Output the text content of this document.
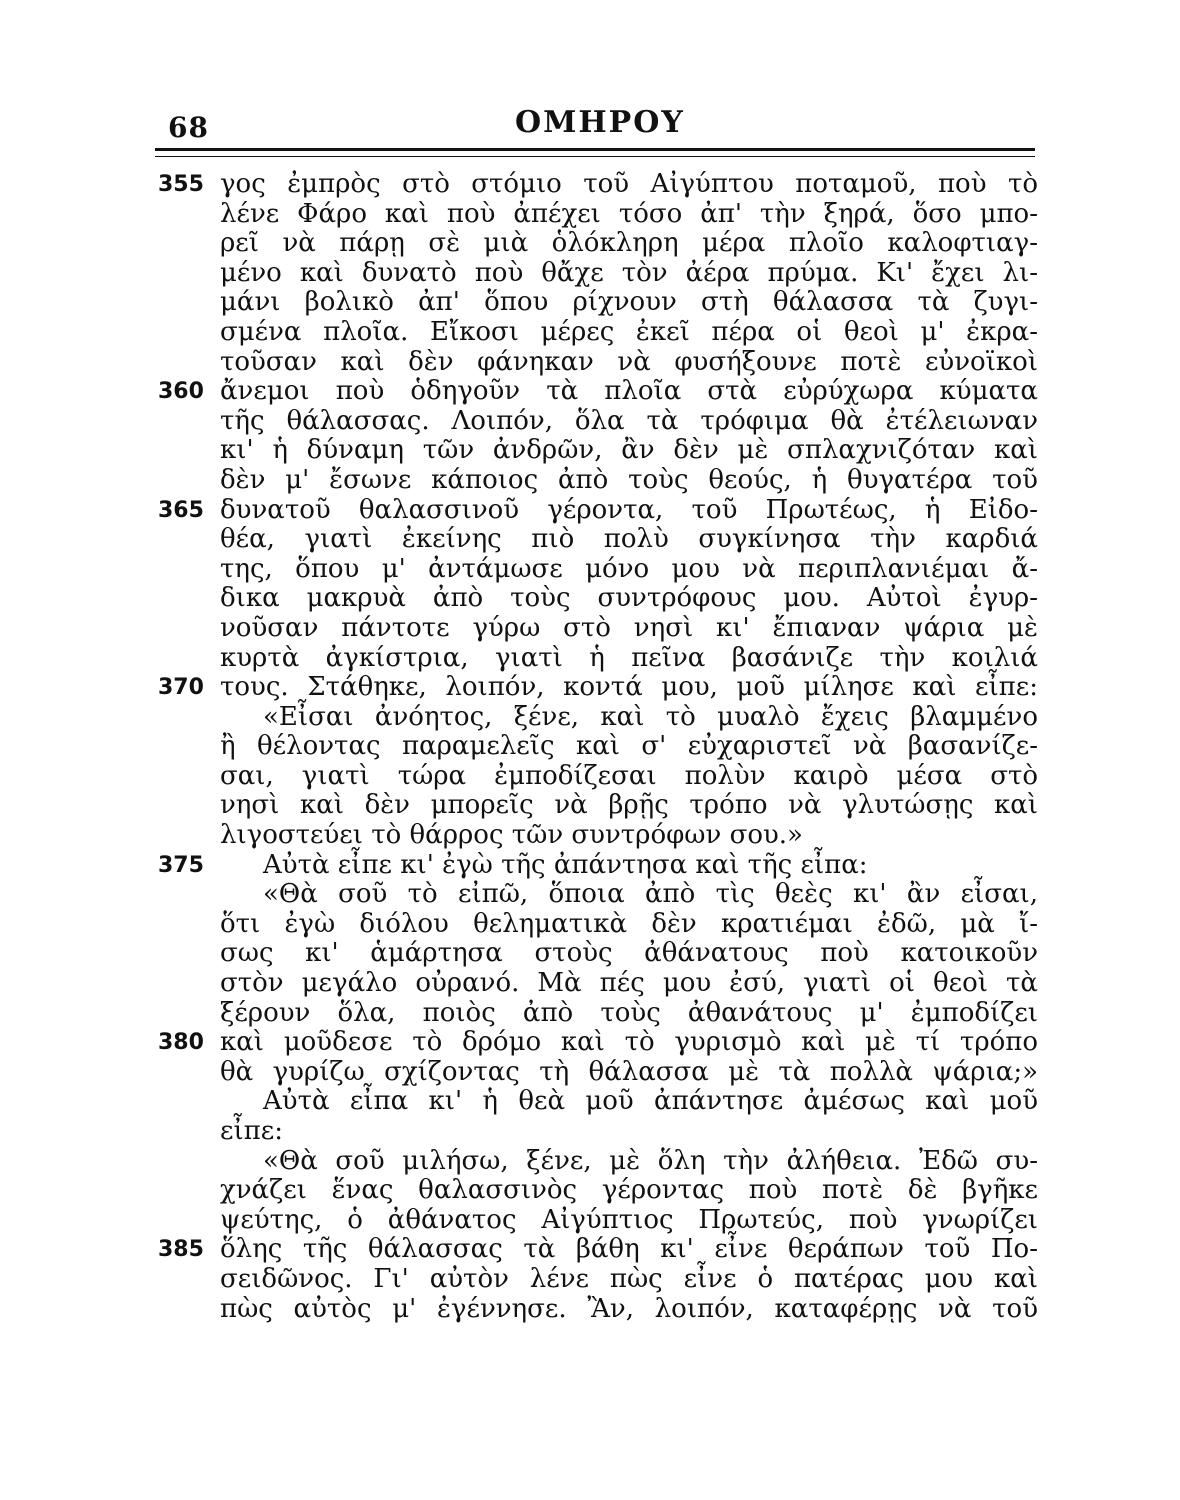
68	ΟΜΗΡΟΥ
355 γος ἐμπρὸς στὸ στόμιο τοῦ Αἰγύπτου ποταμοῦ, ποὺ τὸ
λένε Φάρο καὶ ποὺ ἀπέχει τόσο ἀπ' τὴν ξηρά, ὅσο μπο-
ρεῖ νὰ πάρῃ σὲ μιὰ ὁλόκληρη μέρα πλοῖο καλοφτιαγ-
μένο καὶ δυνατὸ ποὺ θἄχε τὸν ἀέρα πρύμα. Κι' ἔχει λι-
μάνι βολικὸ ἀπ' ὅπου ρίχνουν στὴ θάλασσα τὰ ζυγι-
σμένα πλοῖα. Εἴκοσι μέρες ἐκεῖ πέρα οἱ θεοὶ μ' ἐκρα-
τοῦσαν καὶ δὲν φάνηκαν νὰ φυσήξουνε ποτὲ εὐνοϊκοὶ
360 ἄνεμοι ποὺ ὁδηγοῦν τὰ πλοῖα στὰ εὐρύχωρα κύματα
τῆς θάλασσας. Λοιπόν, ὅλα τὰ τρόφιμα θὰ ἐτέλειωναν
κι' ἡ δύναμη τῶν ἀνδρῶν, ἂν δὲν μὲ σπλαχνιζόταν καὶ
δὲν μ' ἔσωνε κάποιος ἀπὸ τοὺς θεούς, ἡ θυγατέρα τοῦ
365 δυνατοῦ θαλασσινοῦ γέροντα, τοῦ Πρωτέως, ἡ Εἰδο-
θέα, γιατὶ ἐκείνης πιὸ πολὺ συγκίνησα τὴν καρδιά
της, ὅπου μ' ἀντάμωσε μόνο μου νὰ περιπλανιέμαι ἄ-
δικα μακρυὰ ἀπὸ τοὺς συντρόφους μου. Αὐτοὶ ἐγυρ-
νοῦσαν πάντοτε γύρω στὸ νησὶ κι' ἔπιαναν ψάρια μὲ
κυρτὰ ἀγκίστρια, γιατὶ ἡ πεῖνα βασάνιζε τὴν κοιλιά
370 τους. Στάθηκε, λοιπόν, κοντά μου, μοῦ μίλησε καὶ εἶπε:
«Εἶσαι ἀνόητος, ξένε, καὶ τὸ μυαλὸ ἔχεις βλαμμένο
ἢ θέλοντας παραμελεῖς καὶ σ' εὐχαριστεῖ νὰ βασανίζε-
σαι, γιατὶ τώρα ἐμποδίζεσαι πολὺν καιρὸ μέσα στὸ
νησὶ καὶ δὲν μπορεῖς νὰ βρῇς τρόπο νὰ γλυτώσῃς καὶ
λιγοστεύει τὸ θάρρος τῶν συντρόφων σου.»
375	Αὐτὰ εἶπε κι' ἐγὼ τῆς ἀπάντησα καὶ τῆς εἶπα:
«Θὰ σοῦ τὸ εἰπῶ, ὅποια ἀπὸ τὶς θεὲς κι' ἂν εἶσαι,
ὅτι ἐγὼ διόλου θεληματικὰ δὲν κρατιέμαι ἐδῶ, μὰ ἴ-
σως κι' ἁμάρτησα στοὺς ἀθάνατους ποὺ κατοικοῦν
στὸν μεγάλο οὐρανό. Μὰ πές μου ἐσύ, γιατὶ οἱ θεοὶ τὰ
ξέρουν ὅλα, ποιὸς ἀπὸ τοὺς ἀθανάτους μ' ἐμποδίζει
380 καὶ μοῦδεσε τὸ δρόμο καὶ τὸ γυρισμὸ καὶ μὲ τί τρόπο
θὰ γυρίζω σχίζοντας τὴ θάλασσα μὲ τὰ πολλὰ ψάρια;»
Αὐτὰ εἶπα κι' ἡ θεὰ μοῦ ἀπάντησε ἀμέσως καὶ μοῦ
εἶπε:
«Θὰ σοῦ μιλήσω, ξένε, μὲ ὅλη τὴν ἀλήθεια. Ἐδῶ συ-
χνάζει ἕνας θαλασσινὸς γέροντας ποὺ ποτὲ δὲ βγῆκε
ψεύτης, ὁ ἀθάνατος Αἰγύπτιος Πρωτεύς, ποὺ γνωρίζει
385 ὅλης τῆς θάλασσας τὰ βάθη κι' εἶνε θεράπων τοῦ Πο-
σειδῶνος. Γι' αὐτὸν λένε πὼς εἶνε ὁ πατέρας μου καὶ
πὼς αὐτὸς μ' ἐγέννησε. Ἂν, λοιπόν, καταφέρῃς νὰ τοῦ
